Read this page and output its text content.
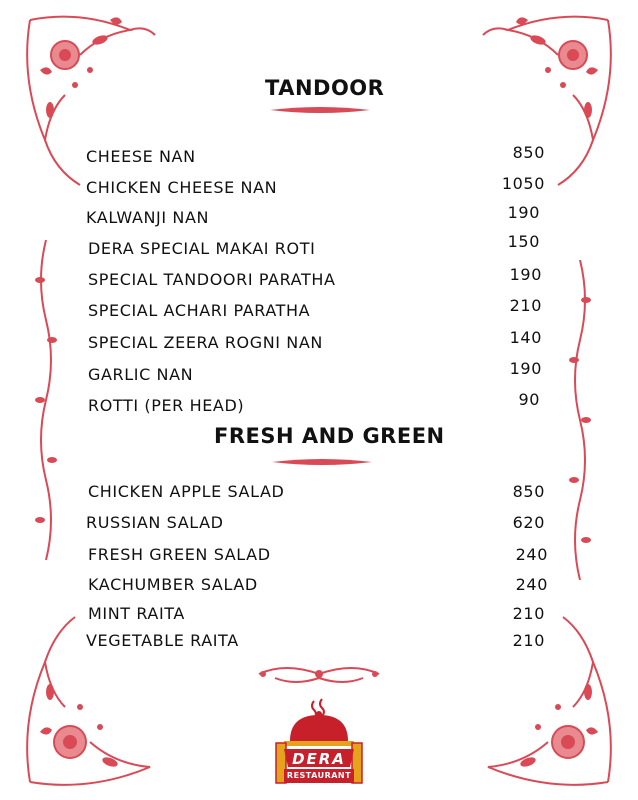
TANDOOR
CHEESE NAN	850
CHICKEN CHEESE NAN	1050
KALWANJI NAN	190
DERA SPECIAL MAKAI ROTI	150
SPECIAL TANDOORI PARATHA	190
SPECIAL ACHARI PARATHA	210
SPECIAL ZEERA ROGNI NAN	140
GARLIC NAN	190
ROTTI (PER HEAD)	90
FRESH AND GREEN
CHICKEN APPLE SALAD	850
RUSSIAN SALAD	620
FRESH GREEN SALAD	240
KACHUMBER SALAD	240
MINT RAITA	210
VEGETABLE RAITA	210
DERA
RESTAURANT
